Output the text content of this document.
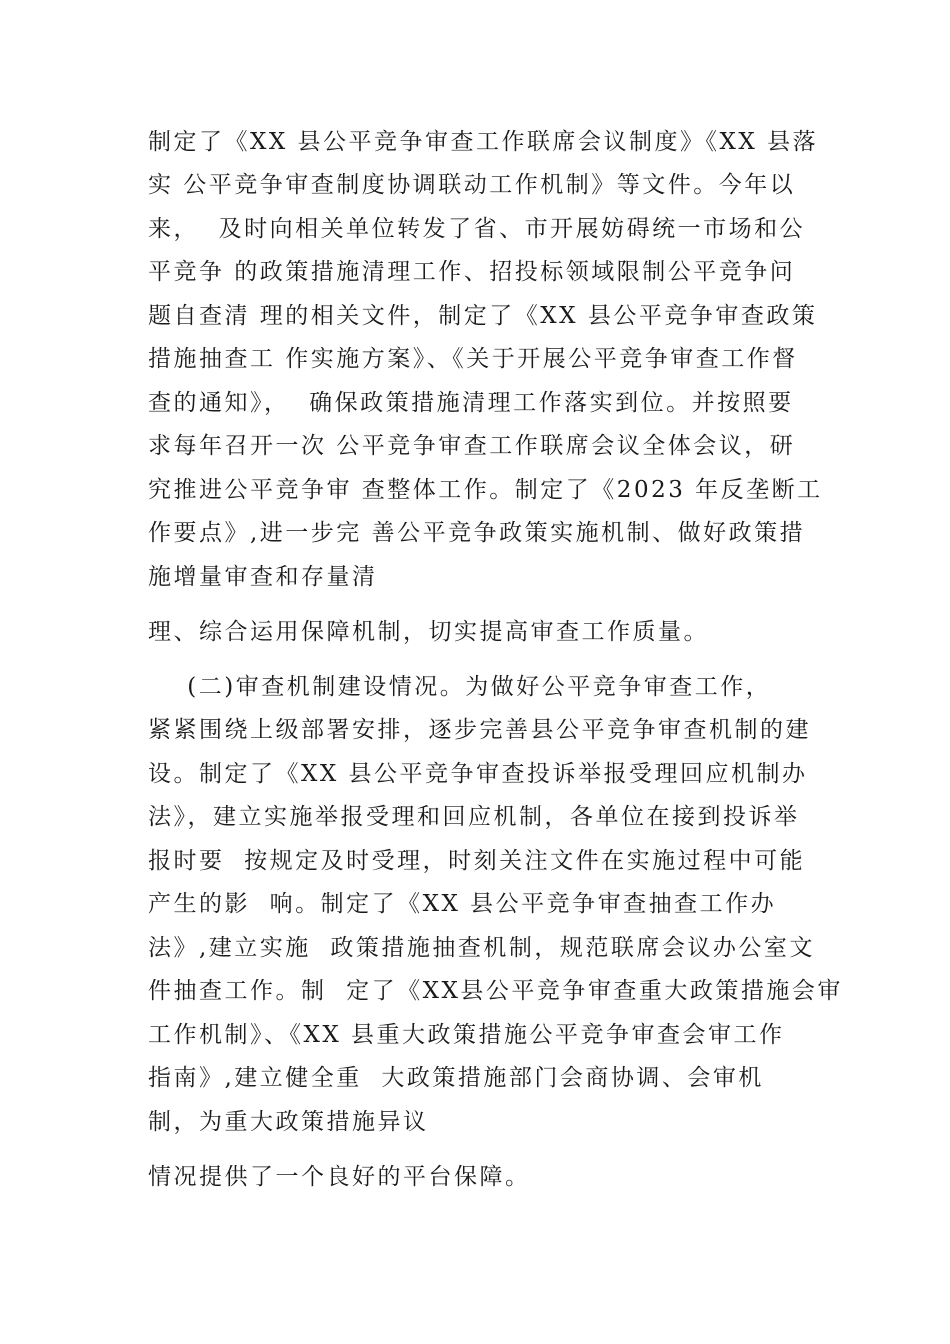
制定了《XX 县公平竞争审查工作联席会议制度》《XX 县落
实 公平竞争审查制度协调联动工作机制》等文件。今年以
来，  及时向相关单位转发了省、市开展妨碍统一市场和公
平竞争 的政策措施清理工作、招投标领域限制公平竞争问
题自查清 理的相关文件，制定了《XX 县公平竞争审查政策
措施抽查工 作实施方案》、《关于开展公平竞争审查工作督
查的通知》，  确保政策措施清理工作落实到位。并按照要
求每年召开一次 公平竞争审查工作联席会议全体会议，研
究推进公平竞争审 查整体工作。制定了《2023 年反垄断工
作要点》,进一步完 善公平竞争政策实施机制、做好政策措
施增量审查和存量清
理、综合运用保障机制，切实提高审查工作质量。
(二)审查机制建设情况。为做好公平竞争审查工作，
紧紧围绕上级部署安排，逐步完善县公平竞争审查机制的建
设。制定了《XX 县公平竞争审查投诉举报受理回应机制办
法》，建立实施举报受理和回应机制，各单位在接到投诉举
报时要  按规定及时受理，时刻关注文件在实施过程中可能
产生的影  响。制定了《XX 县公平竞争审查抽查工作办
法》,建立实施  政策措施抽查机制，规范联席会议办公室文
件抽查工作。制  定了《XX县公平竞争审查重大政策措施会审
工作机制》、《XX 县重大政策措施公平竞争审查会审工作
指南》,建立健全重  大政策措施部门会商协调、会审机
制，为重大政策措施异议
情况提供了一个良好的平台保障。
